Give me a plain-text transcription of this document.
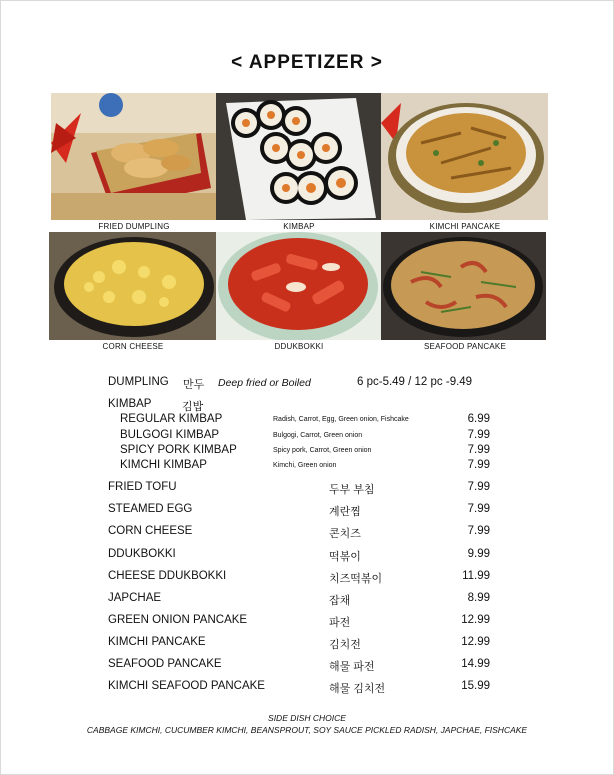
< APPETIZER >
FRIED DUMPLING	KIMBAP	KIMCHI PANCAKE
CORN CHEESE	DDUKBOKKI	SEAFOOD PANCAKE
DUMPLING 만두 Deep fried or Boiled	6 pc-5.49 / 12 pc -9.49
KIMBAP	김밥
REGULAR KIMBAP	Radish, Carrot, Egg, Green onion, Fishcake	6.99
BULGOGI KIMBAP	Bulgogi, Carrot, Green onion	7.99
SPICY PORK KIMBAP	Spicy pork, Carrot, Green onion	7.99
KIMCHI KIMBAP	Kimchi, Green onion	7.99
FRIED TOFU	두부 부침	7.99
STEAMED EGG	계란찜	7.99
CORN CHEESE	콘치즈	7.99
DDUKBOKKI	떡볶이	9.99
CHEESE DDUKBOKKI	치즈떡볶이	11.99
JAPCHAE	잡채	8.99
GREEN ONION PANCAKE	파전	12.99
KIMCHI PANCAKE	김치전	12.99
SEAFOOD PANCAKE	해물 파전	14.99
KIMCHI SEAFOOD PANCAKE	해물 김치전	15.99
SIDE DISH CHOICE
CABBAGE KIMCHI, CUCUMBER KIMCHI, BEANSPROUT, SOY SAUCE PICKLED RADISH, JAPCHAE, FISHCAKE
